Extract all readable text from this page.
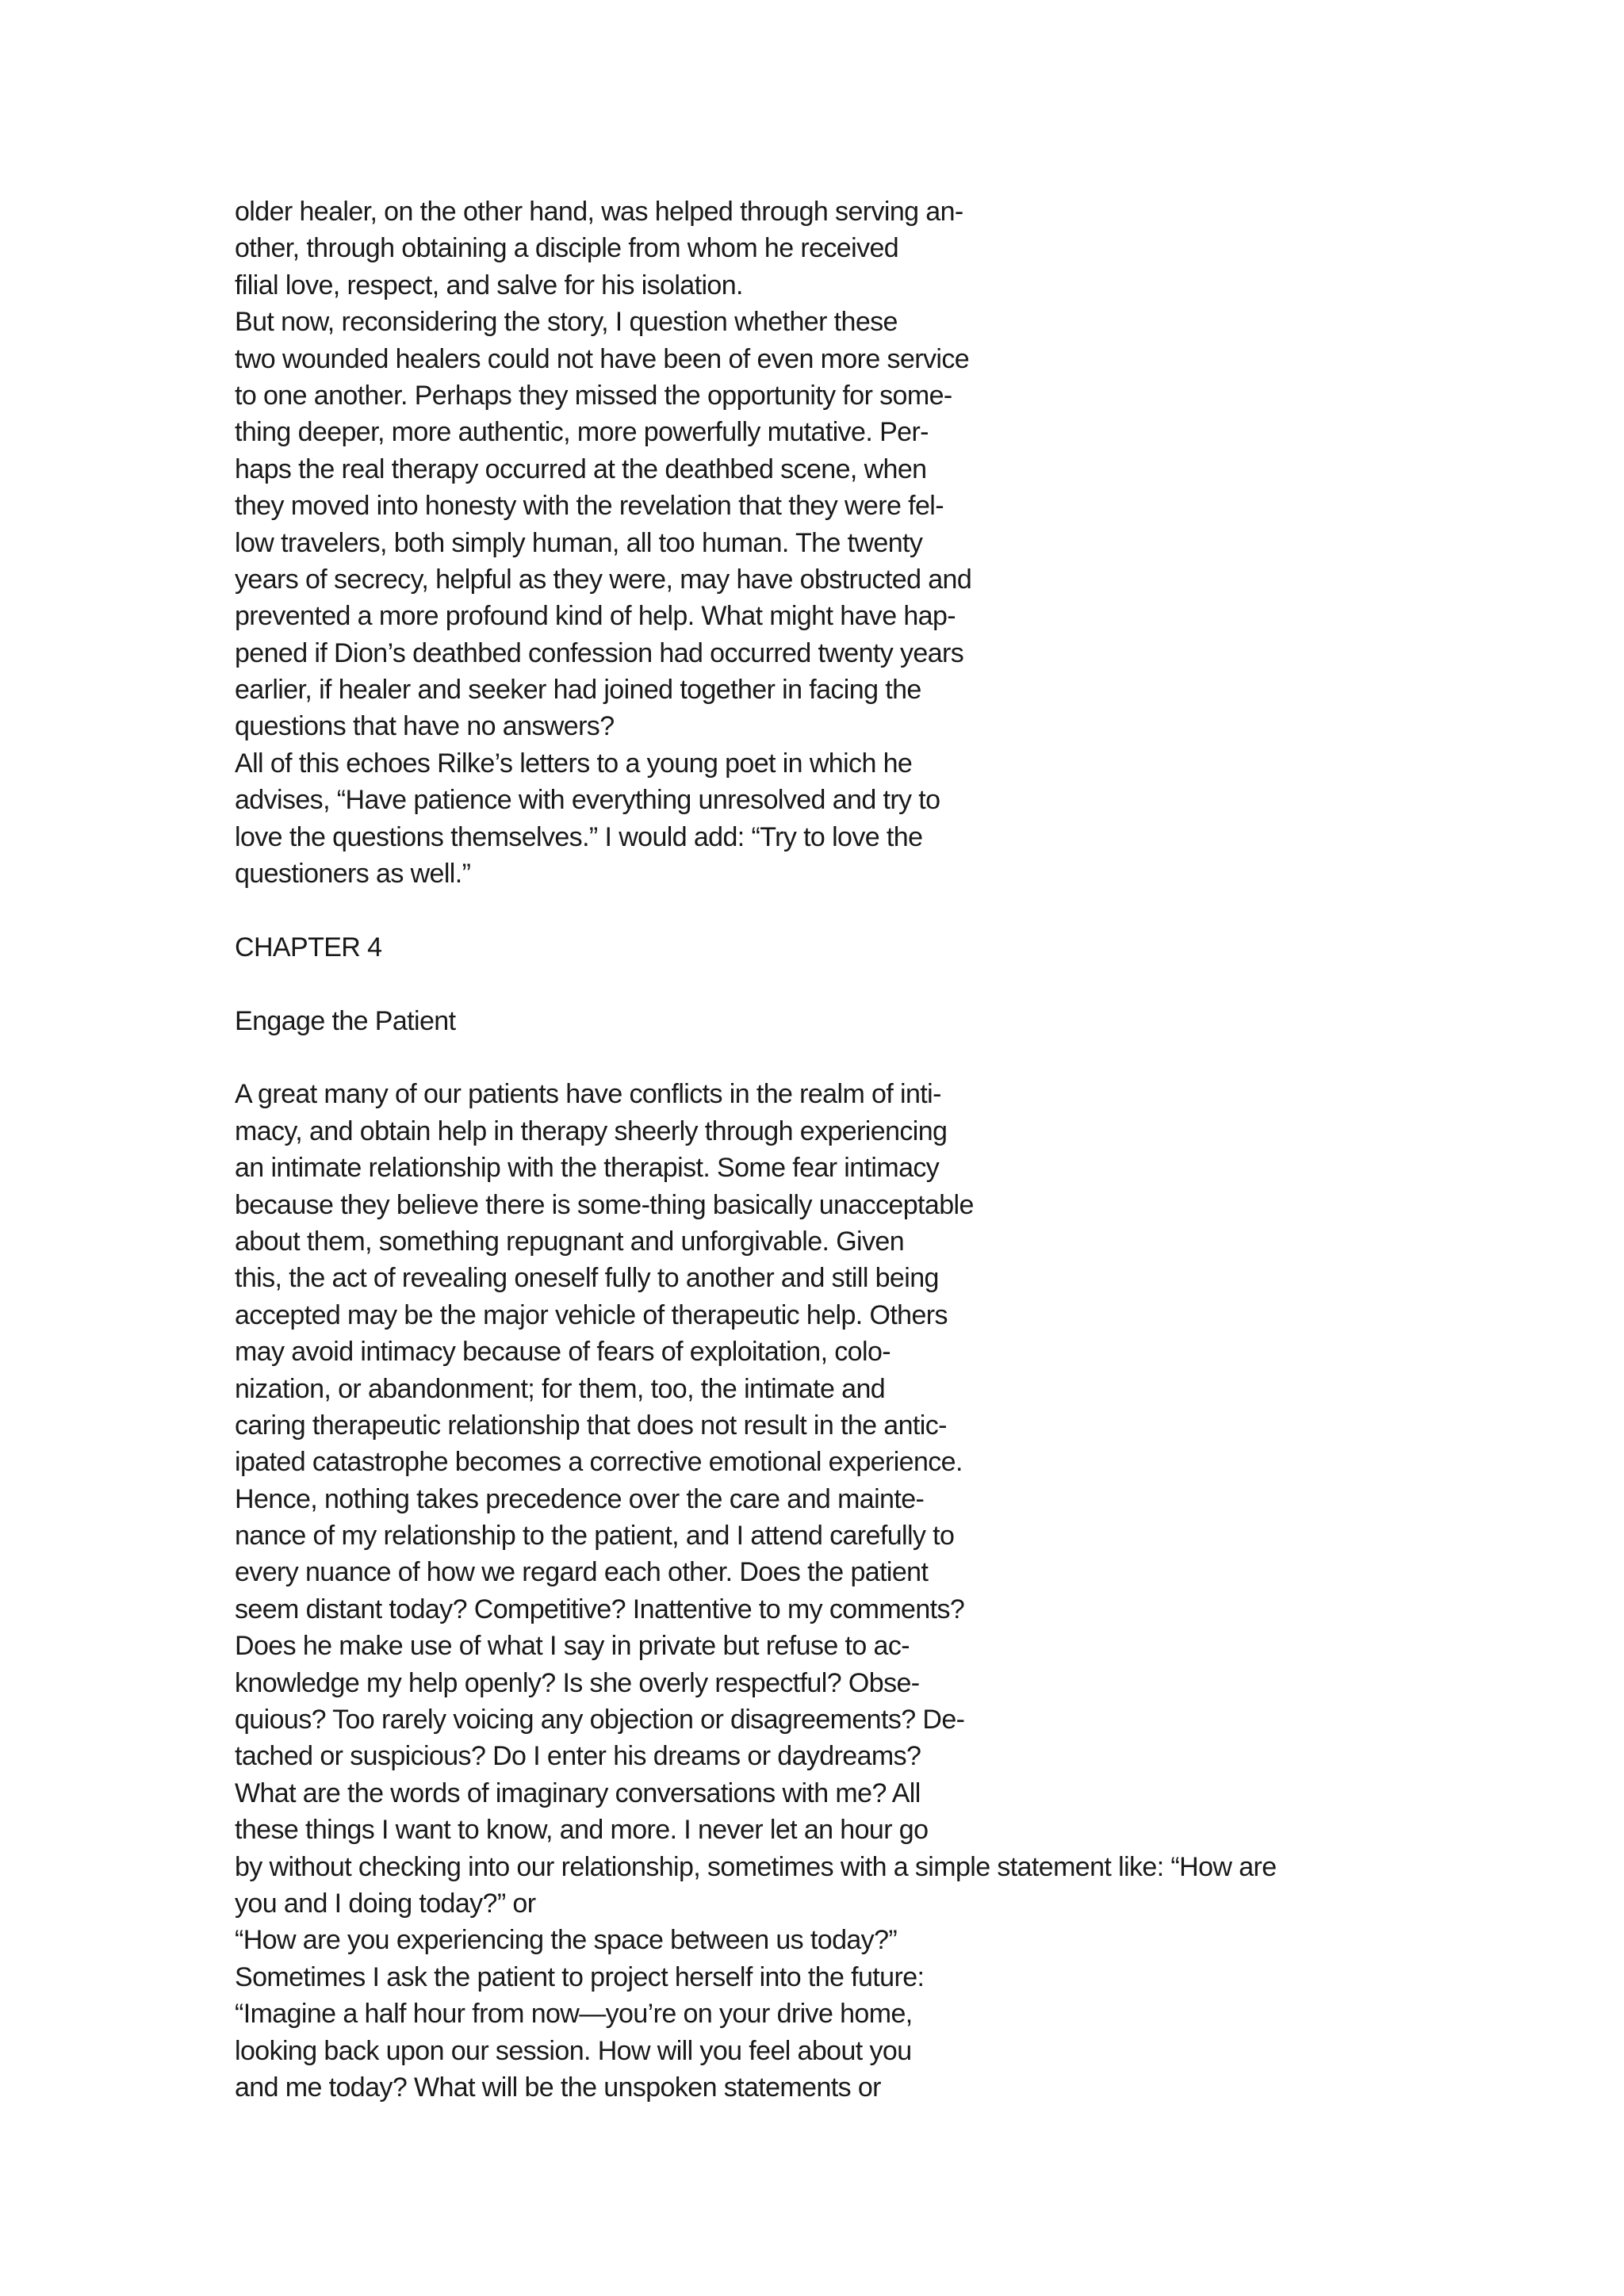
older healer, on the other hand, was helped through serving an-
other, through obtaining a disciple from whom he received
filial love, respect, and salve for his isolation.
But now, reconsidering the story, I question whether these
two wounded healers could not have been of even more service
to one another. Perhaps they missed the opportunity for some-
thing deeper, more authentic, more powerfully mutative. Per-
haps the real therapy occurred at the deathbed scene, when
they moved into honesty with the revelation that they were fel-
low travelers, both simply human, all too human. The twenty
years of secrecy, helpful as they were, may have obstructed and
prevented a more profound kind of help. What might have hap-
pened if Dion’s deathbed confession had occurred twenty years
earlier, if healer and seeker had joined together in facing the
questions that have no answers?
All of this echoes Rilke’s letters to a young poet in which he
advises, “Have patience with everything unresolved and try to
love the questions themselves.” I would add: “Try to love the
questioners as well.”
CHAPTER 4
Engage the Patient
A great many of our patients have conflicts in the realm of inti-
macy, and obtain help in therapy sheerly through experiencing
an intimate relationship with the therapist. Some fear intimacy
because they believe there is some-thing basically unacceptable
about them, something repugnant and unforgivable. Given
this, the act of revealing oneself fully to another and still being
accepted may be the major vehicle of therapeutic help. Others
may avoid intimacy because of fears of exploitation, colo-
nization, or abandonment; for them, too, the intimate and
caring therapeutic relationship that does not result in the antic-
ipated catastrophe becomes a corrective emotional experience.
Hence, nothing takes precedence over the care and mainte-
nance of my relationship to the patient, and I attend carefully to
every nuance of how we regard each other. Does the patient
seem distant today? Competitive? Inattentive to my comments?
Does he make use of what I say in private but refuse to ac-
knowledge my help openly? Is she overly respectful? Obse-
quious? Too rarely voicing any objection or disagreements? De-
tached or suspicious? Do I enter his dreams or daydreams?
What are the words of imaginary conversations with me? All
these things I want to know, and more. I never let an hour go
by without checking into our relationship, sometimes with a simple statement like: “How are
you and I doing today?” or
“How are you experiencing the space between us today?”
Sometimes I ask the patient to project herself into the future:
“Imagine a half hour from now—you’re on your drive home,
looking back upon our session. How will you feel about you
and me today? What will be the unspoken statements or
